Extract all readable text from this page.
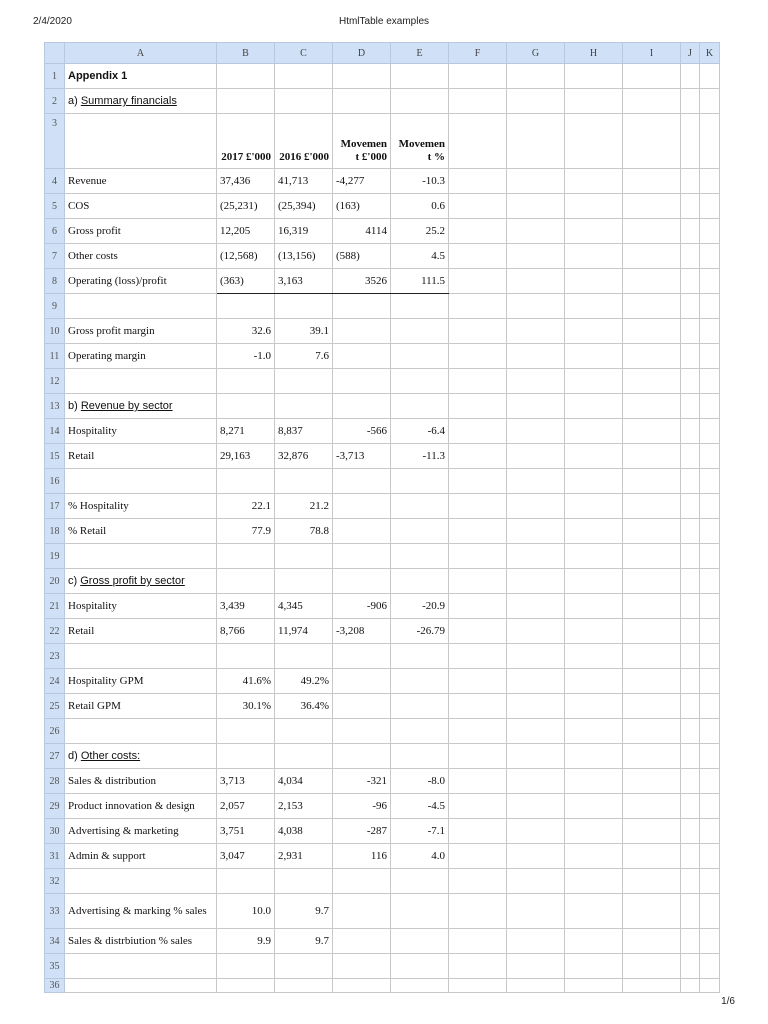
2/4/2020	HtmlTable examples
	A	B	C	D	E	F	G	H	I	J	K
1	Appendix 1										
2	a) Summary financials										
3		2017 £'000	2016 £'000	Movemen t £'000	Movemen t %						
4	Revenue	37,436	41,713	-4,277	-10.3						
5	COS	(25,231)	(25,394)	(163)	0.6						
6	Gross profit	12,205	16,319	4114	25.2						
7	Other costs	(12,568)	(13,156)	(588)	4.5						
8	Operating (loss)/profit	(363)	3,163	3526	111.5						
9											
10	Gross profit margin	32.6	39.1								
11	Operating margin	-1.0	7.6								
12											
13	b) Revenue by sector										
14	Hospitality	8,271	8,837	-566	-6.4						
15	Retail	29,163	32,876	-3,713	-11.3						
16											
17	% Hospitality	22.1	21.2								
18	% Retail	77.9	78.8								
19											
20	c) Gross profit by sector										
21	Hospitality	3,439	4,345	-906	-20.9						
22	Retail	8,766	11,974	-3,208	-26.79						
23											
24	Hospitality GPM	41.6%	49.2%								
25	Retail GPM	30.1%	36.4%								
26											
27	d) Other costs:										
28	Sales & distribution	3,713	4,034	-321	-8.0						
29	Product innovation & design	2,057	2,153	-96	-4.5						
30	Advertising & marketing	3,751	4,038	-287	-7.1						
31	Admin & support	3,047	2,931	116	4.0						
32											
33	Advertising & marking % sales	10.0	9.7								
34	Sales & distrbiution % sales	9.9	9.7								
35											
36											
1/6
